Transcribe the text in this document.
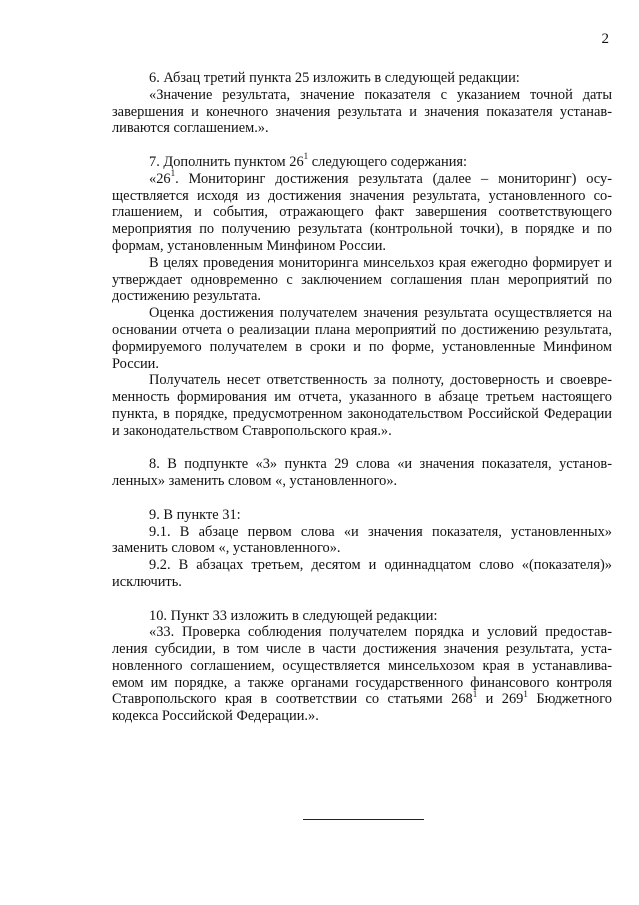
2

6. Абзац третий пункта 25 изложить в следующей редакции:

«Значение результата, значение показателя с указанием точной даты завершения и конечного значения результата и значения показателя устанавливаются соглашением.».

7. Дополнить пунктом $26^1$ следующего содержания:

«$26^1$. Мониторинг достижения результата (далее – мониторинг) осуществляется исходя из достижения значения результата, установленного соглашением, и события, отражающего факт завершения соответствующего мероприятия по получению результата (контрольной точки), в порядке и по формам, установленным Минфином России.

В целях проведения мониторинга минсельхоз края ежегодно формирует и утверждает одновременно с заключением соглашения план мероприятий по достижению результата.

Оценка достижения получателем значения результата осуществляется на основании отчета о реализации плана мероприятий по достижению результата, формируемого получателем в сроки и по форме, установленные Минфином России.

Получатель несет ответственность за полноту, достоверность и своевременность формирования им отчета, указанного в абзаце третьем настоящего пункта, в порядке, предусмотренном законодательством Российской Федерации и законодательством Ставропольского края.».

8. В подпункте «3» пункта 29 слова «и значения показателя, установленных» заменить словом «, установленного».

9. В пункте 31:

9.1. В абзаце первом слова «и значения показателя, установленных» заменить словом «, установленного».

9.2. В абзацах третьем, десятом и одиннадцатом слово «(показателя)» исключить.

10. Пункт 33 изложить в следующей редакции:

«33. Проверка соблюдения получателем порядка и условий предоставления субсидии, в том числе в части достижения значения результата, установленного соглашением, осуществляется минсельхозом края в устанавливаемом им порядке, а также органами государственного финансового контроля Ставропольского края в соответствии со статьями $268^1$ и $269^1$ Бюджетного кодекса Российской Федерации.».
